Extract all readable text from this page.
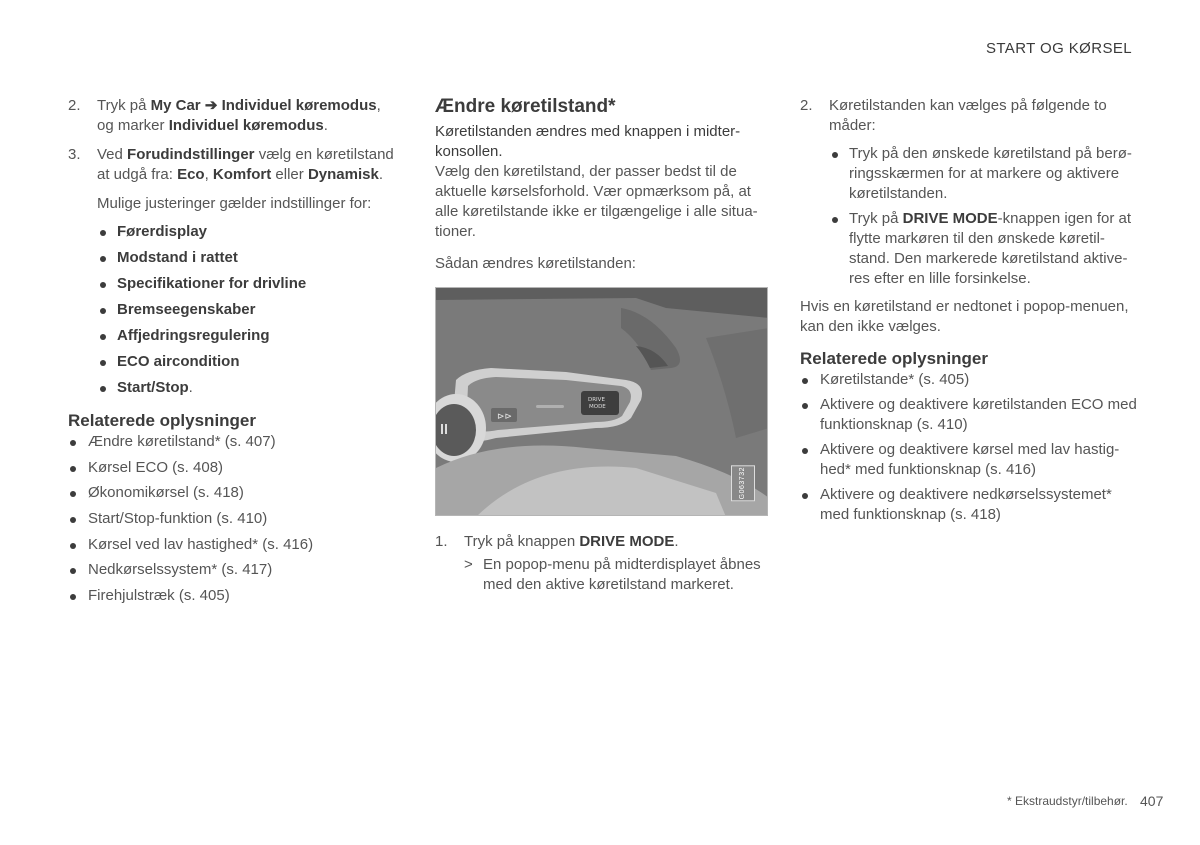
START OG KØRSEL
2.	Tryk på My Car ➔ Individuel køremodus,
og marker Individuel køremodus.
3.	Ved Forudindstillinger vælg en køretilstand at udgå fra: Eco, Komfort eller Dynamisk.

Mulige justeringer gælder indstillinger for:

Førerdisplay
Modstand i rattet
Specifikationer for drivline
Bremseegenskaber
Affjedringsregulering
ECO aircondition
Start/Stop.
Relaterede oplysninger
Ændre køretilstand* (s. 407)
Kørsel ECO (s. 408)
Økonomikørsel (s. 418)
Start/Stop-funktion (s. 410)
Kørsel ved lav hastighed* (s. 416)
Nedkørselssystem* (s. 417)
Firehjulstræk (s. 405)
Ændre køretilstand*

Køretilstanden ændres med knappen i midter-konsollen.

Vælg den køretilstand, der passer bedst til de aktuelle kørselsforhold. Vær opmærksom på, at alle køretilstande ikke er tilgængelige i alle situa-tioner.

Sådan ændres køretilstanden:

⊳⊳
DRIVE
MODE
G063732
1.	Tryk på knappen DRIVE MODE.
> En popop-menu på midterdisplayet åbnes med den aktive køretilstand markeret.
2.	Køretilstanden kan vælges på følgende to måder:
Tryk på den ønskede køretilstand på berø-ringsskærmen for at markere og aktivere køretilstanden.
Tryk på DRIVE MODE-knappen igen for at flytte markøren til den ønskede køretil-stand. Den markerede køretilstand aktive-res efter en lille forsinkelse.

Hvis en køretilstand er nedtonet i popop-menuen, kan den ikke vælges.

Relaterede oplysninger
Køretilstande* (s. 405)
Aktivere og deaktivere køretilstanden ECO med funktionsknap (s. 410)
Aktivere og deaktivere kørsel med lav hastig-hed* med funktionsknap (s. 416)
Aktivere og deaktivere nedkørselssystemet* med funktionsknap (s. 418)
* Ekstraudstyr/tilbehør. 407
